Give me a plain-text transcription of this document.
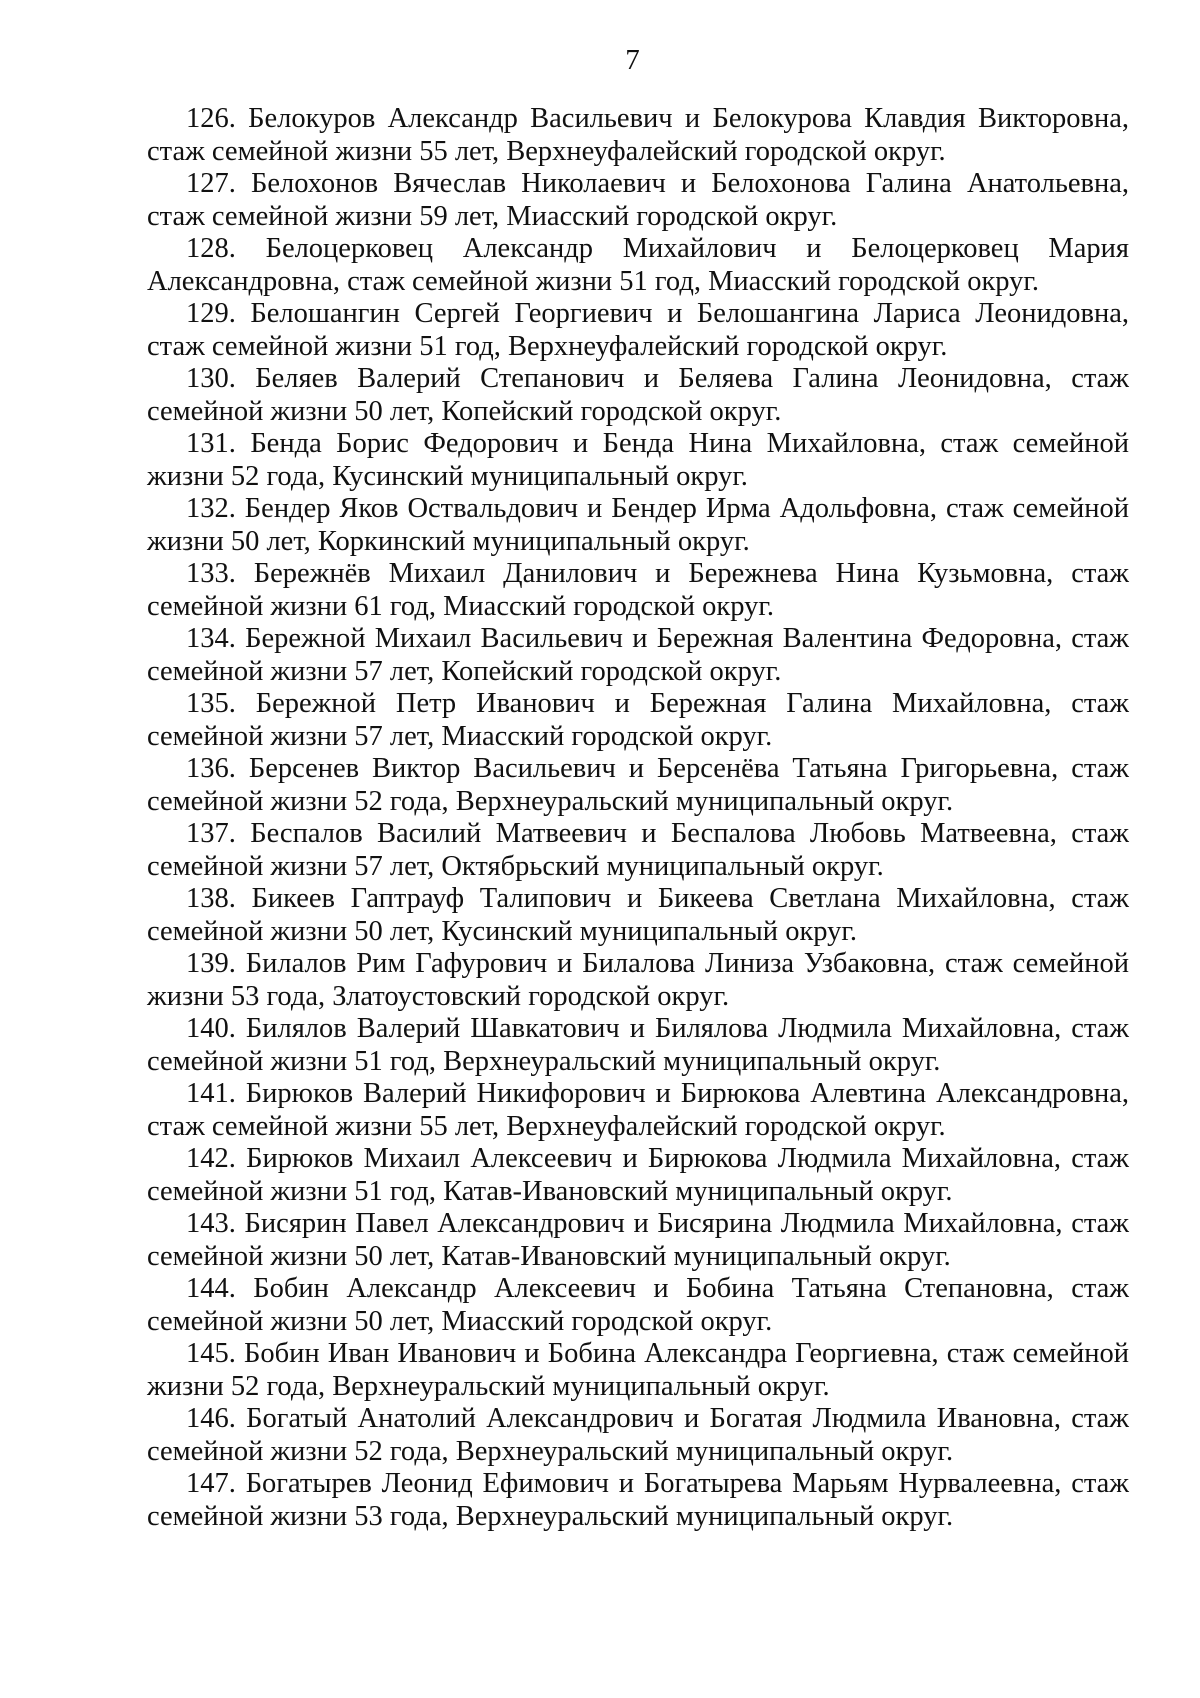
7

126. Белокуров Александр Васильевич и Белокурова Клавдия Викторовна, стаж семейной жизни 55 лет, Верхнеуфалейский городской округ.

127. Белохонов Вячеслав Николаевич и Белохонова Галина Анатольевна, стаж семейной жизни 59 лет, Миасский городской округ.

128. Белоцерковец Александр Михайлович и Белоцерковец Мария Александровна, стаж семейной жизни 51 год, Миасский городской округ.

129. Белошангин Сергей Георгиевич и Белошангина Лариса Леонидовна, стаж семейной жизни 51 год, Верхнеуфалейский городской округ.

130. Беляев Валерий Степанович и Беляева Галина Леонидовна, стаж семейной жизни 50 лет, Копейский городской округ.

131. Бенда Борис Федорович и Бенда Нина Михайловна, стаж семейной жизни 52 года, Кусинский муниципальный округ.

132. Бендер Яков Оствальдович и Бендер Ирма Адольфовна, стаж семейной жизни 50 лет, Коркинский муниципальный округ.

133. Бережнёв Михаил Данилович и Бережнева Нина Кузьмовна, стаж семейной жизни 61 год, Миасский городской округ.

134. Бережной Михаил Васильевич и Бережная Валентина Федоровна, стаж семейной жизни 57 лет, Копейский городской округ.

135. Бережной Петр Иванович и Бережная Галина Михайловна, стаж семейной жизни 57 лет, Миасский городской округ.

136. Берсенев Виктор Васильевич и Берсенёва Татьяна Григорьевна, стаж семейной жизни 52 года, Верхнеуральский муниципальный округ.

137. Беспалов Василий Матвеевич и Беспалова Любовь Матвеевна, стаж семейной жизни 57 лет, Октябрьский муниципальный округ.

138. Бикеев Гаптрауф Талипович и Бикеева Светлана Михайловна, стаж семейной жизни 50 лет, Кусинский муниципальный округ.

139. Билалов Рим Гафурович и Билалова Линиза Узбаковна, стаж семейной жизни 53 года, Златоустовский городской округ.

140. Билялов Валерий Шавкатович и Билялова Людмила Михайловна, стаж семейной жизни 51 год, Верхнеуральский муниципальный округ.

141. Бирюков Валерий Никифорович и Бирюкова Алевтина Александровна, стаж семейной жизни 55 лет, Верхнеуфалейский городской округ.

142. Бирюков Михаил Алексеевич и Бирюкова Людмила Михайловна, стаж семейной жизни 51 год, Катав-Ивановский муниципальный округ.

143. Бисярин Павел Александрович и Бисярина Людмила Михайловна, стаж семейной жизни 50 лет, Катав-Ивановский муниципальный округ.

144. Бобин Александр Алексеевич и Бобина Татьяна Степановна, стаж семейной жизни 50 лет, Миасский городской округ.

145. Бобин Иван Иванович и Бобина Александра Георгиевна, стаж семейной жизни 52 года, Верхнеуральский муниципальный округ.

146. Богатый Анатолий Александрович и Богатая Людмила Ивановна, стаж семейной жизни 52 года, Верхнеуральский муниципальный округ.

147. Богатырев Леонид Ефимович и Богатырева Марьям Нурвалеевна, стаж семейной жизни 53 года, Верхнеуральский муниципальный округ.
